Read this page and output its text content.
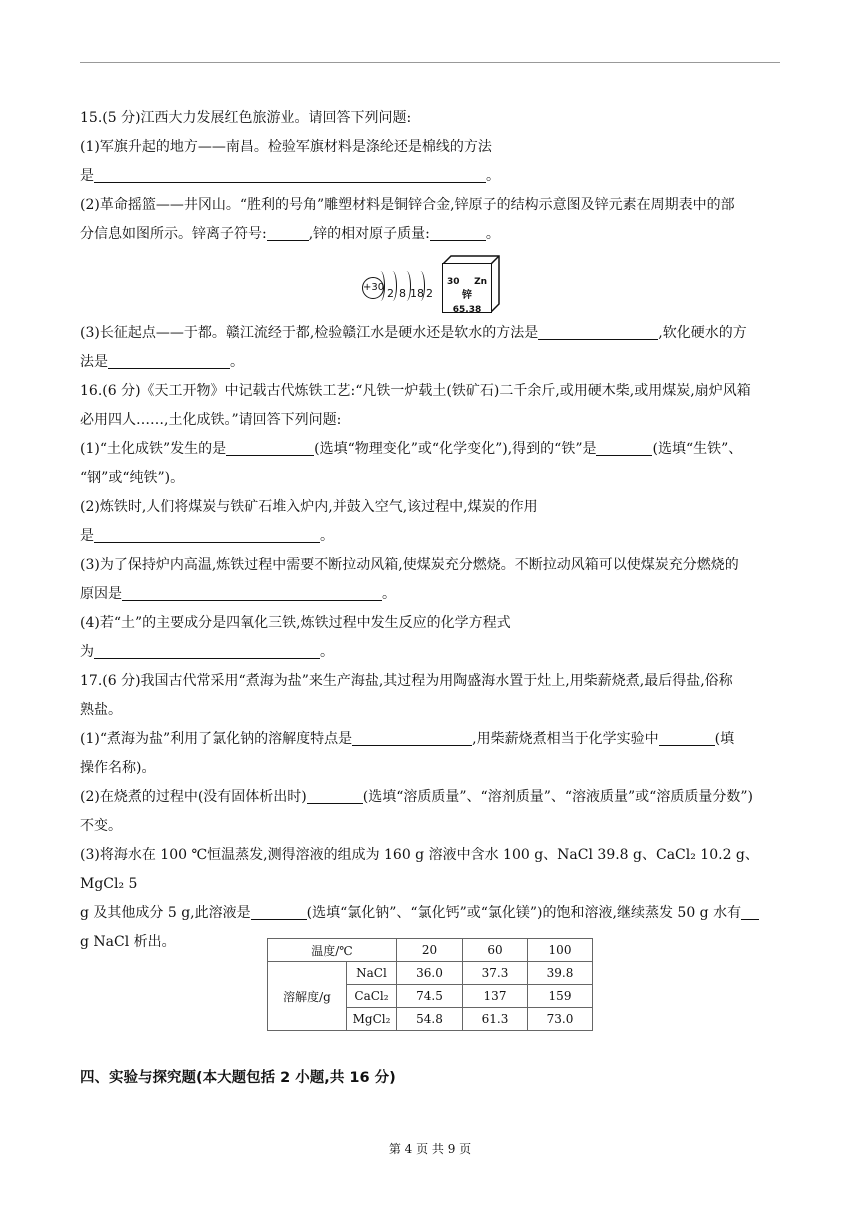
15.(5 分)江西大力发展红色旅游业。请回答下列问题:

(1)军旗升起的地方——南昌。检验军旗材料是涤纶还是棉线的方法

是	。

(2)革命摇篮——井冈山。“胜利的号角”雕塑材料是铜锌合金,锌原子的结构示意图及锌元素在周期表中的部

分信息如图所示。锌离子符号:	,锌的相对原子质量:	。

+30 2 8 18 2
30 Zn
锌
65.38

(3)长征起点——于都。赣江流经于都,检验赣江水是硬水还是软水的方法是	,软化硬水的方

法是	。

16.(6 分)《天工开物》中记载古代炼铁工艺:“凡铁一炉载土(铁矿石)二千余斤,或用硬木柴,或用煤炭,扇炉风箱

必用四人……,土化成铁。”请回答下列问题:

(1)“土化成铁”发生的是	(选填“物理变化”或“化学变化”),得到的“铁”是	(选填“生铁”、

“钢”或“纯铁”)。

(2)炼铁时,人们将煤炭与铁矿石堆入炉内,并鼓入空气,该过程中,煤炭的作用

是	。

(3)为了保持炉内高温,炼铁过程中需要不断拉动风箱,使煤炭充分燃烧。不断拉动风箱可以使煤炭充分燃烧的

原因是	。

(4)若“土”的主要成分是四氧化三铁,炼铁过程中发生反应的化学方程式

为	。

17.(6 分)我国古代常采用“煮海为盐”来生产海盐,其过程为用陶盛海水置于灶上,用柴薪烧煮,最后得盐,俗称

熟盐。

(1)“煮海为盐”利用了氯化钠的溶解度特点是	,用柴薪烧煮相当于化学实验中	(填

操作名称)。

(2)在烧煮的过程中(没有固体析出时)	(选填“溶质质量”、“溶剂质量”、“溶液质量”或“溶质质量分数”)

不变。

(3)将海水在 100 ℃恒温蒸发,测得溶液的组成为 160 g 溶液中含水 100 g、NaCl 39.8 g、CaCl₂ 10.2 g、MgCl₂ 5

g 及其他成分 5 g,此溶液是	(选填“氯化钠”、“氯化钙”或“氯化镁”)的饱和溶液,继续蒸发 50 g 水有

g NaCl 析出。

温度/℃		20	60	100
溶解度/g	NaCl	36.0	37.3	39.8
	CaCl₂	74.5	137	159
	MgCl₂	54.8	61.3	73.0
四、实验与探究题(本大题包括 2 小题,共 16 分)
第 4 页 共 9 页
